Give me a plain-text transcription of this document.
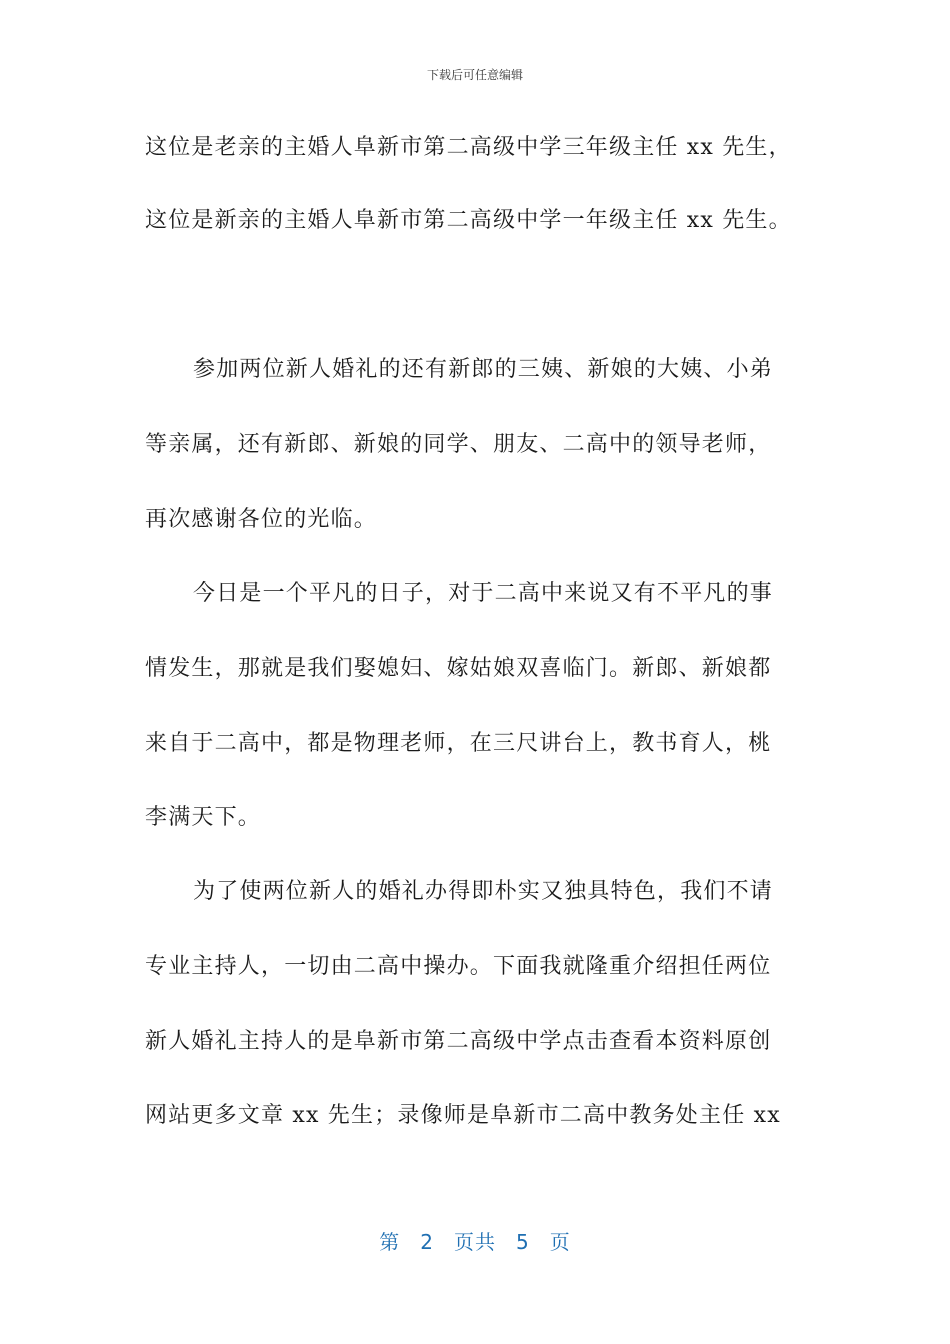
下载后可任意编辑
这位是老亲的主婚人阜新市第二高级中学三年级主任 xx 先生，
这位是新亲的主婚人阜新市第二高级中学一年级主任 xx 先生。
参加两位新人婚礼的还有新郎的三姨、新娘的大姨、小弟
等亲属，还有新郎、新娘的同学、朋友、二高中的领导老师，
再次感谢各位的光临。
今日是一个平凡的日子，对于二高中来说又有不平凡的事
情发生，那就是我们娶媳妇、嫁姑娘双喜临门。新郎、新娘都
来自于二高中，都是物理老师，在三尺讲台上，教书育人，桃
李满天下。
为了使两位新人的婚礼办得即朴实又独具特色，我们不请
专业主持人，一切由二高中操办。下面我就隆重介绍担任两位
新人婚礼主持人的是阜新市第二高级中学点击查看本资料原创
网站更多文章 xx 先生；录像师是阜新市二高中教务处主任 xx
第 2 页共 5 页
